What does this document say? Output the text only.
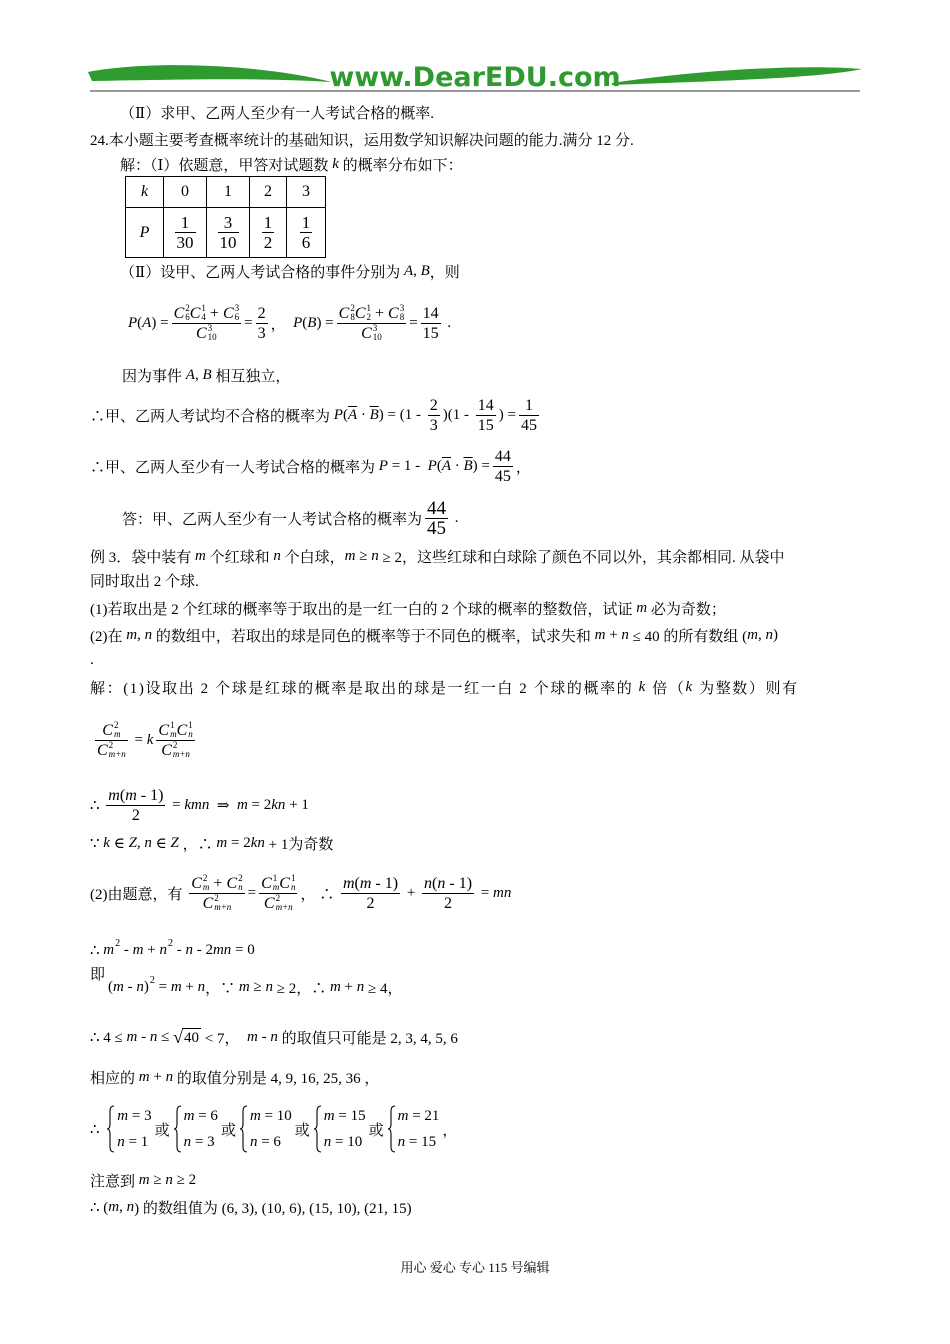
www.DearEDU.com
（Ⅱ）求甲、乙两人至少有一人考试合格的概率.
24.本小题主要考查概率统计的基础知识，运用数学知识解决问题的能力.满分 12 分.
解：（Ⅰ）依题意，甲答对试题数 k 的概率分布如下：
k	0	1	2	3
P	$\frac{1}{30}$	$\frac{3}{10}$	$\frac{1}{2}$	$\frac{1}{6}$
（Ⅱ）设甲、乙两人考试合格的事件分别为 A , B ，则
P ( A ) = C 2
6 C 1
4 + C 3
6
C 3
$10 = \frac{2}{3}$ ， P ( B ) = C 2
8 C 1
2 + C 3
8
C 3
$10 = \frac{14}{15}$ .
因为事件 A , B 相互独立，
∴甲、乙两人考试均不合格的概率为 P ( $\overline{A} \cdot \overline{B}$ ) = $(1 - \frac{2}{3} )(1 - \frac{14}{15}$ ) = $\frac{1}{45}$
∴甲、乙两人至少有一人考试合格的概率为 P = 1 - P ( $\overline{A} \cdot \overline{B}$ ) = $\frac{44}{45}$ ，
答：甲、乙两人至少有一人考试合格的概率为 $\frac{44}{45}$ .
例 3．袋中装有 m 个红球和 n 个白球， m ≥ n ≥ 2，这些红球和白球除了颜色不同以外，其余都相同. 从袋中
同时取出 2 个球.
(1)若取出是 2 个红球的概率等于取出的是一红一白的 2 个球的概率的整数倍，试证 m 必为奇数；
(2)在 m , n 的数组中，若取出的球是同色的概率等于不同色的概率，试求失和 m + n ≤ 40 的所有数组 ( m , n )
.
解：(1)设取出 2 个球是红球的概率是取出的球是一红一白 2 个球的概率的 k 倍（ k 为整数）则有
C 2
m
C 2
m+n = k C 1
m C 1
n
C 2
m+n
∴ $\frac{m ( m - 1)}{2}$ = kmn ⇒ m = 2 kn + 1
∵ k ∈ Z , n ∈ Z ，∴ m = 2 kn + 1为奇数
(2)由题意，有 C 2
m + C 2
n
C 2
m+n = C 1
m C 1
n
C 2
m+n ， ∴ $\frac{m ( m - 1)}{2} + \frac{n ( n - 1)}{2}$ = mn
∴ m 2 - m + n 2 - n - 2 mn = 0
即
( m - n ) 2 = m + n ，∵ m ≥ n ≥ 2，∴ m + n ≥ 4，
∴ 4 ≤ m - n ≤ √ 40 < 7， m - n 的取值只可能是 2, 3, 4, 5, 6
相应的 m + n 的取值分别是 4, 9, 16, 25, 36 ，
∴
m = 3
n = 1
或
m = 6
n = 3
或
m = 10
n = 6
或
m = 15
n = 10
或
m = 21
n = 15
，
注意到 m ≥ n ≥ 2
∴ ( m , n ) 的数组值为 (6, 3), (10, 6), (15, 10), (21, 15)
用心 爱心 专心 115 号编辑
